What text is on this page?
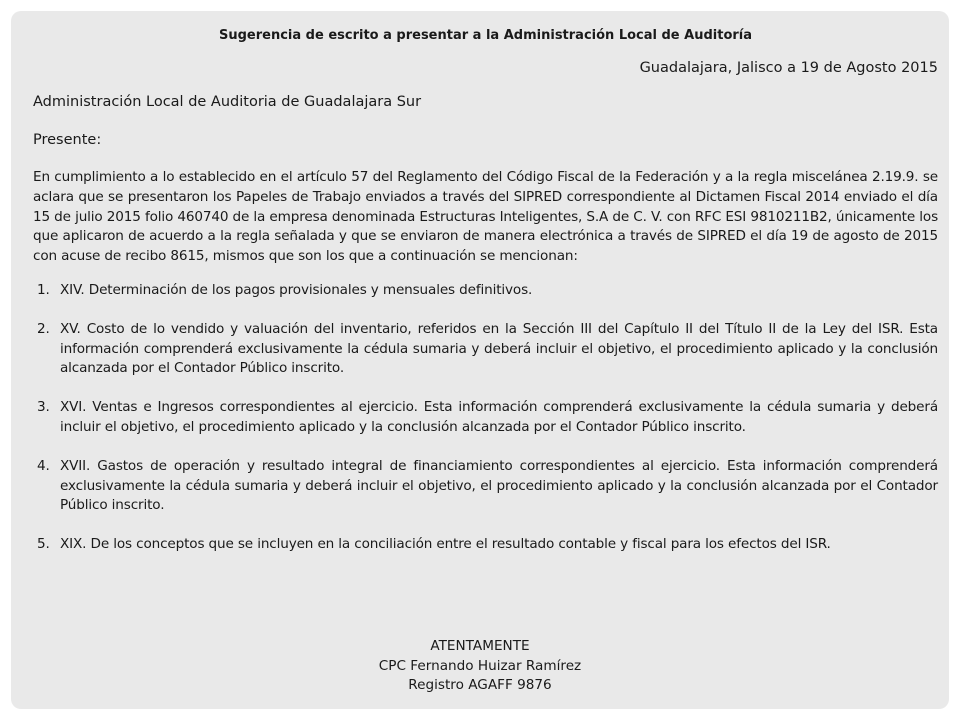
Sugerencia de escrito a presentar a la Administración Local de Auditoría
Guadalajara, Jalisco a 19 de Agosto 2015
Administración Local de Auditoria de Guadalajara Sur
Presente:
En cumplimiento a lo establecido en el artículo 57 del Reglamento del Código Fiscal de la Federación y a la regla miscelánea 2.19.9. se aclara que se presentaron los Papeles de Trabajo enviados a través del SIPRED correspondiente al Dictamen Fiscal 2014 enviado el día 15 de julio 2015 folio 460740 de la empresa denominada Estructuras Inteligentes, S.A de C. V. con RFC ESI 9810211B2, únicamente los que aplicaron de acuerdo a la regla señalada y que se enviaron de manera electrónica a través de SIPRED el día 19 de agosto de 2015 con acuse de recibo 8615, mismos que son los que a continuación se mencionan:
1. XIV. Determinación de los pagos provisionales y mensuales definitivos.
2. XV. Costo de lo vendido y valuación del inventario, referidos en la Sección III del Capítulo II del Título II de la Ley del ISR. Esta información comprenderá exclusivamente la cédula sumaria y deberá incluir el objetivo, el procedimiento aplicado y la conclusión alcanzada por el Contador Público inscrito.
3. XVI. Ventas e Ingresos correspondientes al ejercicio. Esta información comprenderá exclusivamente la cédula sumaria y deberá incluir el objetivo, el procedimiento aplicado y la conclusión alcanzada por el Contador Público inscrito.
4. XVII. Gastos de operación y resultado integral de financiamiento correspondientes al ejercicio. Esta información comprenderá exclusivamente la cédula sumaria y deberá incluir el objetivo, el procedimiento aplicado y la conclusión alcanzada por el Contador Público inscrito.
5. XIX. De los conceptos que se incluyen en la conciliación entre el resultado contable y fiscal para los efectos del ISR.
ATENTAMENTE
CPC Fernando Huizar Ramírez
Registro AGAFF 9876
